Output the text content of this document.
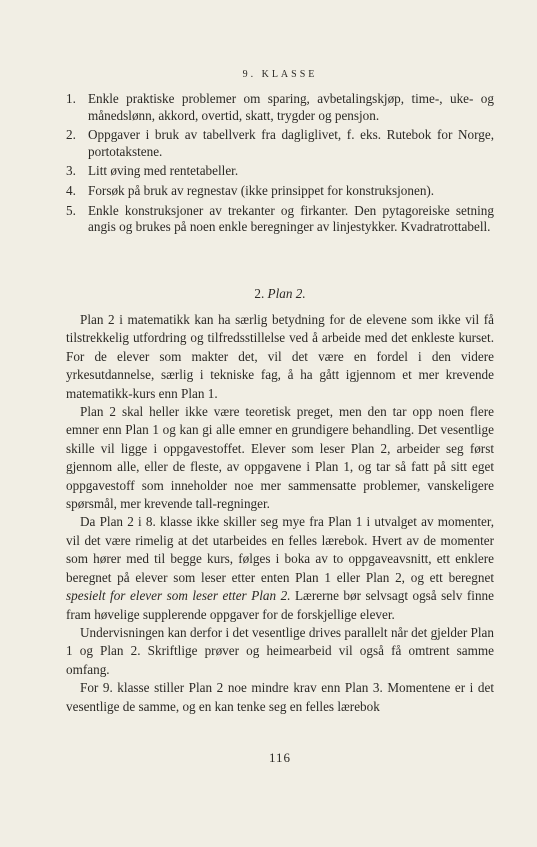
9. KLASSE
1. Enkle praktiske problemer om sparing, avbetalingskjøp, time-, uke- og månedslønn, akkord, overtid, skatt, trygder og pensjon.
2. Oppgaver i bruk av tabellverk fra dagliglivet, f. eks. Rutebok for Norge, portotakstene.
3. Litt øving med rentetabeller.
4. Forsøk på bruk av regnestav (ikke prinsippet for konstruksjonen).
5. Enkle konstruksjoner av trekanter og firkanter. Den pytagoreiske setning angis og brukes på noen enkle beregninger av linjestykker. Kvadratrottabell.
2. Plan 2.

Plan 2 i matematikk kan ha særlig betydning for de elevene som ikke vil få tilstrekkelig utfordring og tilfredsstillelse ved å arbeide med det enkleste kurset. For de elever som makter det, vil det være en fordel i den videre yrkesutdannelse, særlig i tekniske fag, å ha gått igjennom et mer krevende matematikk-kurs enn Plan 1.

Plan 2 skal heller ikke være teoretisk preget, men den tar opp noen flere emner enn Plan 1 og kan gi alle emner en grundigere behandling. Det vesentlige skille vil ligge i oppgavestoffet. Elever som leser Plan 2, arbeider seg først gjennom alle, eller de fleste, av oppgavene i Plan 1, og tar så fatt på sitt eget oppgavestoff som inneholder noe mer sammensatte problemer, vanskeligere spørsmål, mer krevende tall-regninger.

Da Plan 2 i 8. klasse ikke skiller seg mye fra Plan 1 i utvalget av momenter, vil det være rimelig at det utarbeides en felles lærebok. Hvert av de momenter som hører med til begge kurs, følges i boka av to oppgaveavsnitt, ett enklere beregnet på elever som leser etter enten Plan 1 eller Plan 2, og ett beregnet spesielt for elever som leser etter Plan 2. Lærerne bør selvsagt også selv finne fram høvelige supplerende oppgaver for de forskjellige elever.

Undervisningen kan derfor i det vesentlige drives parallelt når det gjelder Plan 1 og Plan 2. Skriftlige prøver og heimearbeid vil også få omtrent samme omfang.

For 9. klasse stiller Plan 2 noe mindre krav enn Plan 3. Momentene er i det vesentlige de samme, og en kan tenke seg en felles lærebok

116
